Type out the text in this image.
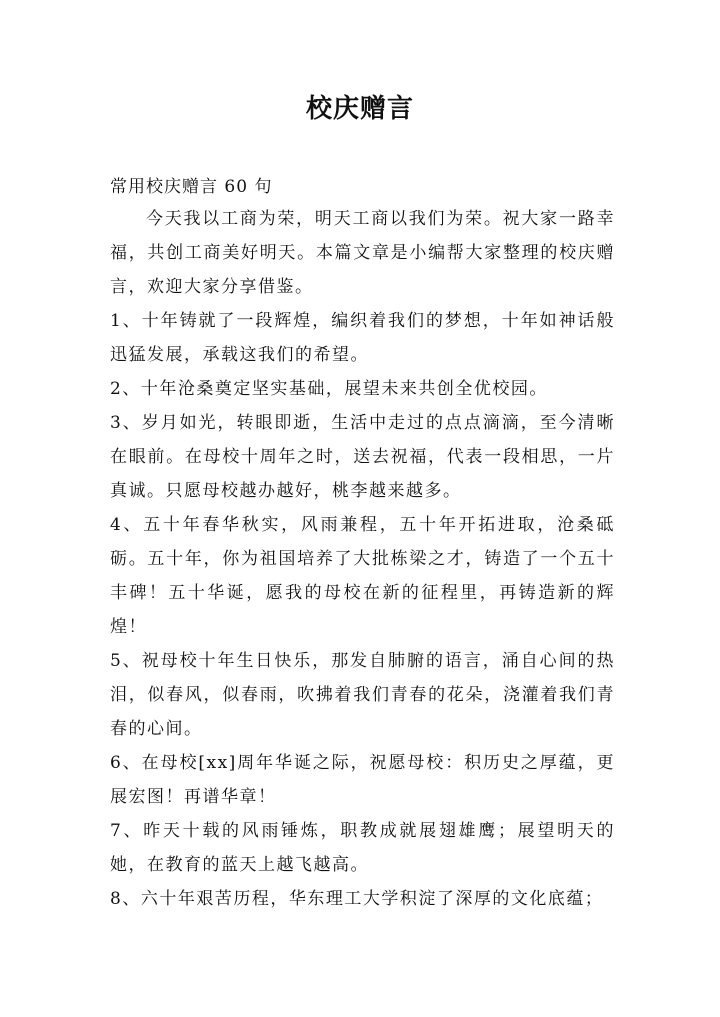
校庆赠言
常用校庆赠言 60 句

今天我以工商为荣，明天工商以我们为荣。祝大家一路幸福，共创工商美好明天。本篇文章是小编帮大家整理的校庆赠言，欢迎大家分享借鉴。

1、十年铸就了一段辉煌，编织着我们的梦想，十年如神话般迅猛发展，承载这我们的希望。

2、十年沧桑奠定坚实基础，展望未来共创全优校园。

3、岁月如光，转眼即逝，生活中走过的点点滴滴，至今清晰在眼前。在母校十周年之时，送去祝福，代表一段相思，一片真诚。只愿母校越办越好，桃李越来越多。

4、五十年春华秋实，风雨兼程，五十年开拓进取，沧桑砥砺。五十年，你为祖国培养了大批栋梁之才，铸造了一个五十丰碑！五十华诞，愿我的母校在新的征程里，再铸造新的辉煌！

5、祝母校十年生日快乐，那发自肺腑的语言，涌自心间的热泪，似春风，似春雨，吹拂着我们青春的花朵，浇灌着我们青春的心间。

6、在母校[xx]周年华诞之际，祝愿母校：积历史之厚蕴，更展宏图！再谱华章！

7、昨天十载的风雨锤炼，职教成就展翅雄鹰；展望明天的她，在教育的蓝天上越飞越高。

8、六十年艰苦历程，华东理工大学积淀了深厚的文化底蕴；
